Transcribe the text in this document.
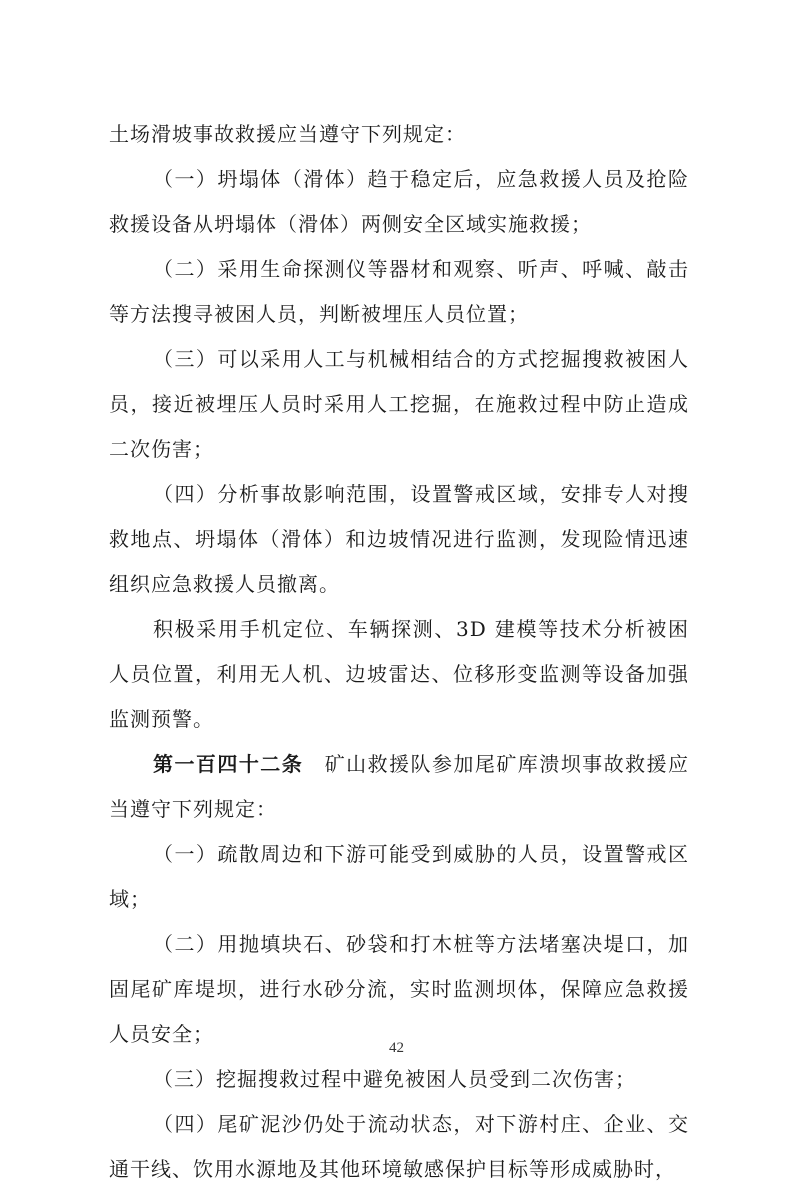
土场滑坡事故救援应当遵守下列规定：

（一）坍塌体（滑体）趋于稳定后，应急救援人员及抢险救援设备从坍塌体（滑体）两侧安全区域实施救援；

（二）采用生命探测仪等器材和观察、听声、呼喊、敲击等方法搜寻被困人员，判断被埋压人员位置；

（三）可以采用人工与机械相结合的方式挖掘搜救被困人员，接近被埋压人员时采用人工挖掘，在施救过程中防止造成二次伤害；

（四）分析事故影响范围，设置警戒区域，安排专人对搜救地点、坍塌体（滑体）和边坡情况进行监测，发现险情迅速组织应急救援人员撤离。

积极采用手机定位、车辆探测、3D 建模等技术分析被困人员位置，利用无人机、边坡雷达、位移形变监测等设备加强监测预警。

第一百四十二条　 矿山救援队参加尾矿库溃坝事故救援应当遵守下列规定：

（一）疏散周边和下游可能受到威胁的人员，设置警戒区域；

（二）用抛填块石、砂袋和打木桩等方法堵塞决堤口，加固尾矿库堤坝，进行水砂分流，实时监测坝体，保障应急救援人员安全；

（三）挖掘搜救过程中避免被困人员受到二次伤害；

（四）尾矿泥沙仍处于流动状态，对下游村庄、企业、交通干线、饮用水源地及其他环境敏感保护目标等形成威胁时，

42
